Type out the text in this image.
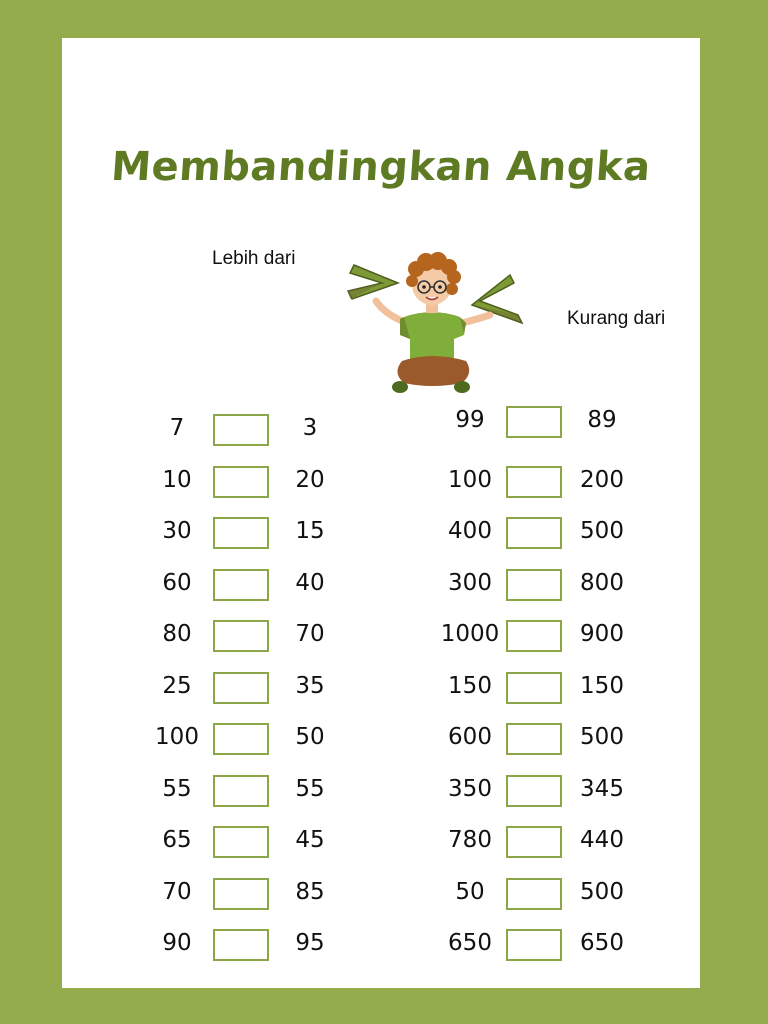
Membandingkan Angka
Lebih dari
Kurang dari
7	3
10	20
30	15
60	40
80	70
25	35
100	50
55	55
65	45
70	85
90	95
99	89
100	200
400	500
300	800
1000	900
150	150
600	500
350	345
780	440
50	500
650	650
